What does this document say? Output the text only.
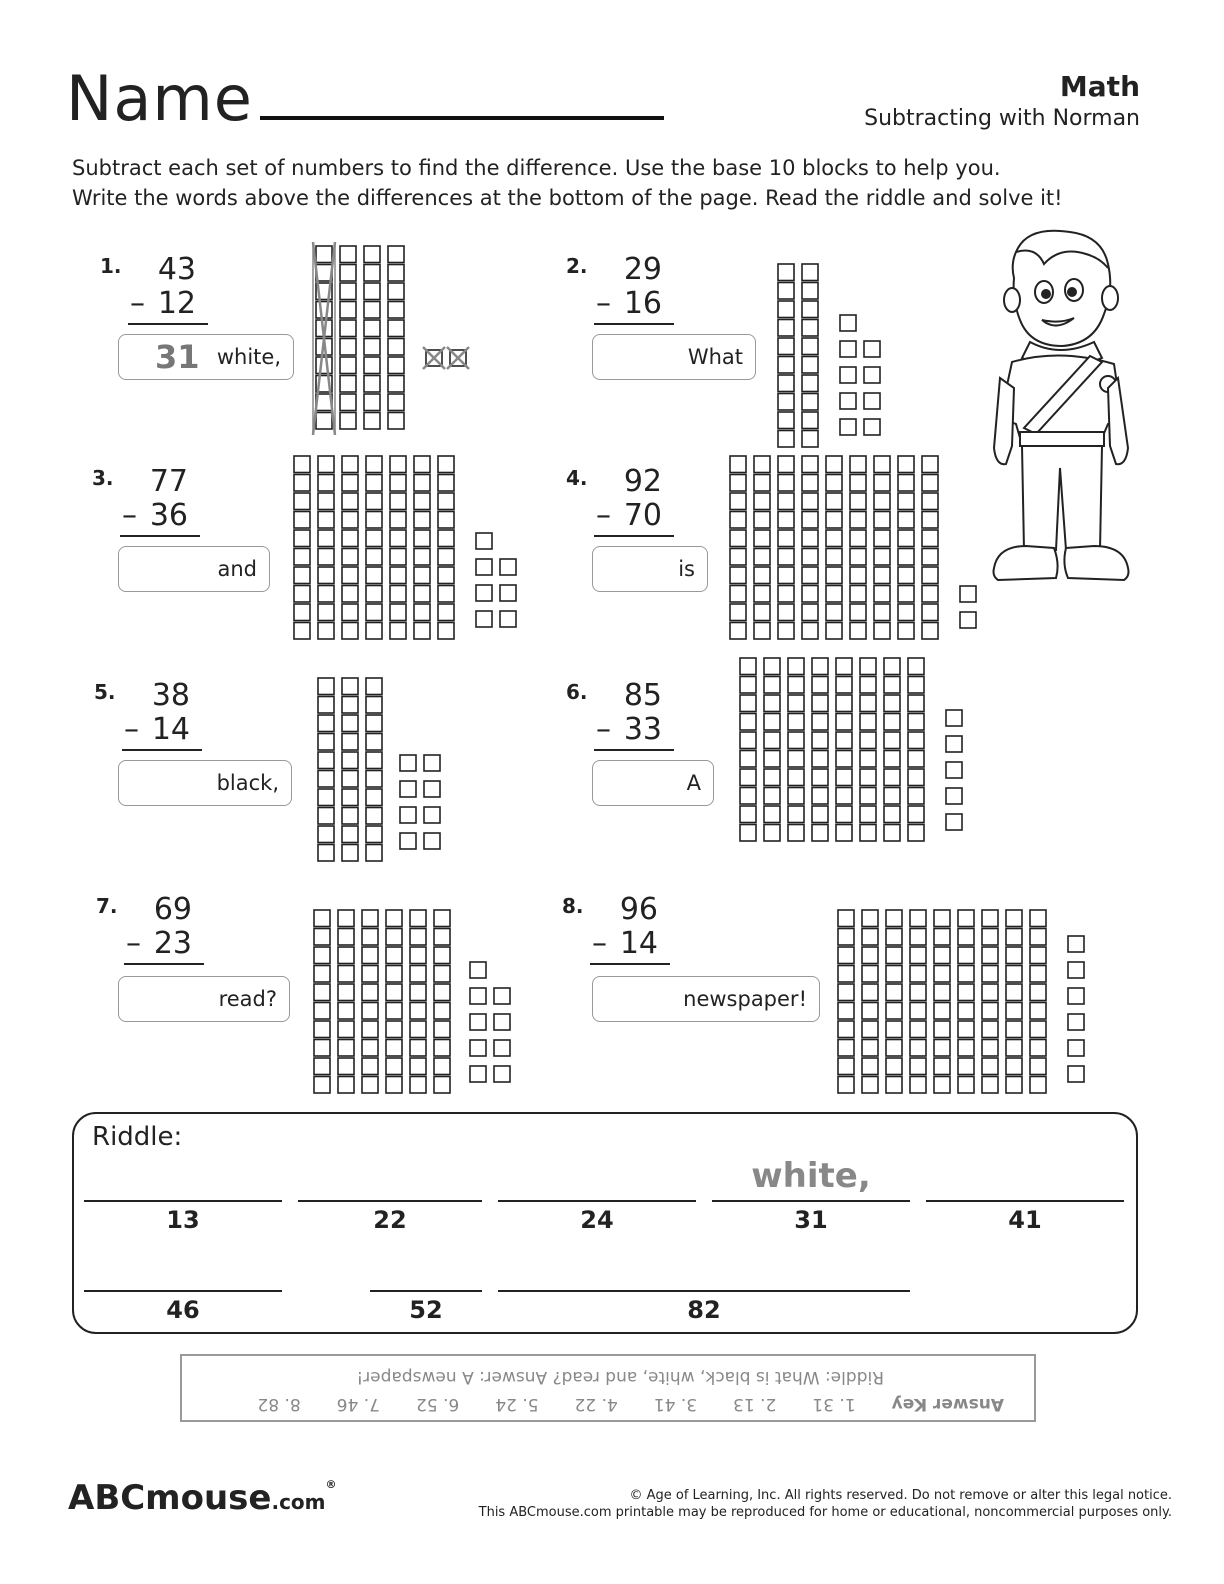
Name	Math
Subtracting with Norman
Subtract each set of numbers to find the difference. Use the base 10 blocks to help you.
Write the words above the differences at the bottom of the page. Read the riddle and solve it!
1.	43
– 12
31 white,
2.	29
– 16
What
3.	77
– 36
and
4.	92
– 70
is
5.	38
– 14
black,
6.	85
– 33
A
7.	69
– 23
read?
8.	96
– 14
newspaper!
Riddle:
13	22	24
white,
31	41
46	52	82
Answer Key
1. 31
2. 13
3. 41
4. 22
5. 24
6. 52
7. 46
8. 82
Riddle: What is black, white, and read? Answer: A newspaper!
ABCmouse.com®
© Age of Learning, Inc. All rights reserved. Do not remove or alter this legal notice.
This ABCmouse.com printable may be reproduced for home or educational, noncommercial purposes only.
